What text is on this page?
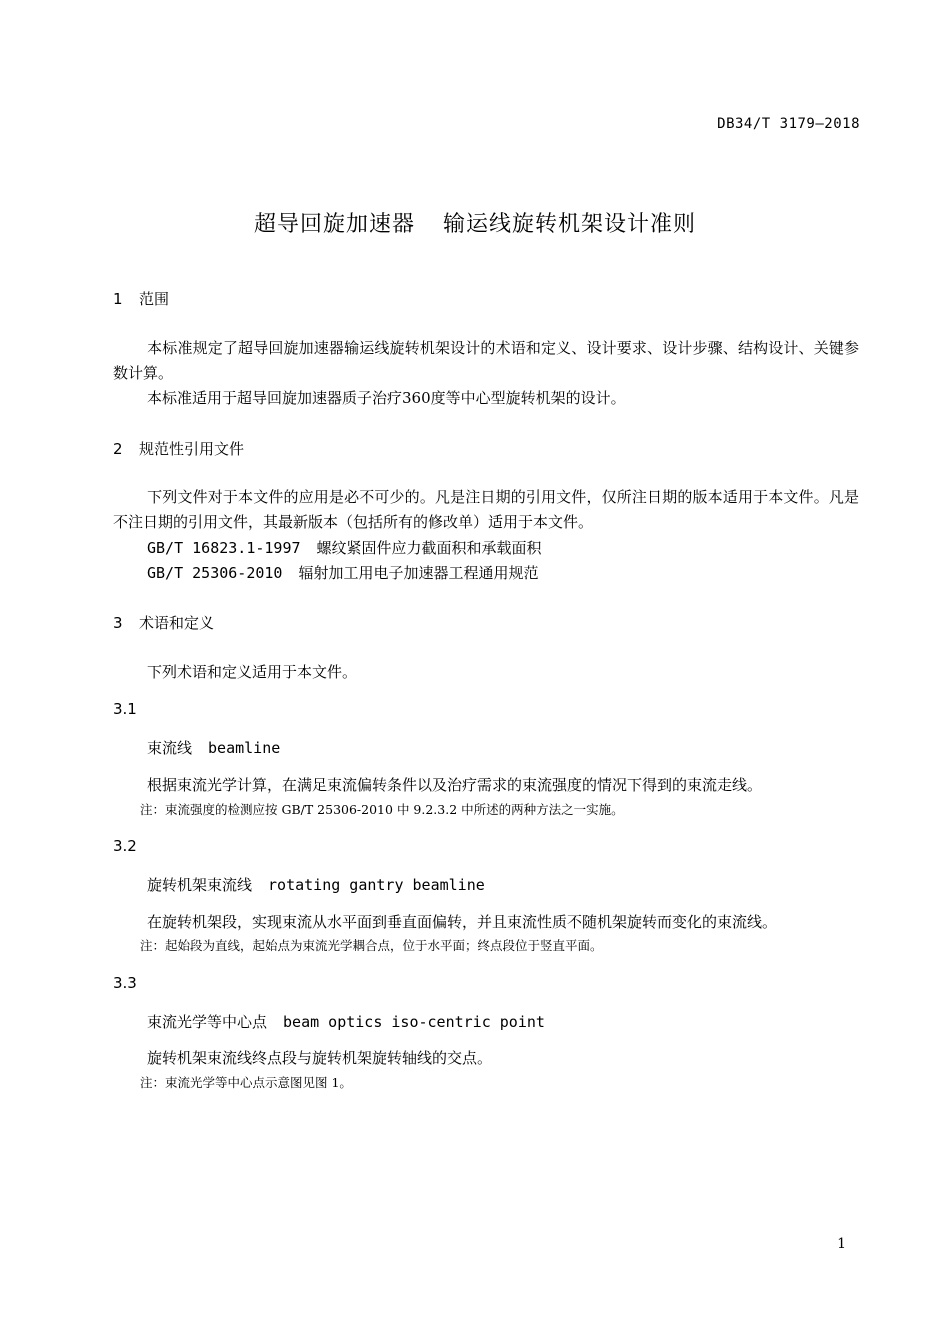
DB34/T 3179—2018
超导回旋加速器 输运线旋转机架设计准则
1 范围
本标准规定了超导回旋加速器输运线旋转机架设计的术语和定义、设计要求、设计步骤、结构设计、关键参数计算。
本标准适用于超导回旋加速器质子治疗360度等中心型旋转机架的设计。
2 规范性引用文件
下列文件对于本文件的应用是必不可少的。凡是注日期的引用文件，仅所注日期的版本适用于本文件。凡是不注日期的引用文件，其最新版本（包括所有的修改单）适用于本文件。
GB/T 16823.1-1997 螺纹紧固件应力截面积和承载面积
GB/T 25306-2010 辐射加工用电子加速器工程通用规范
3 术语和定义
下列术语和定义适用于本文件。
3.1
束流线 beamline
根据束流光学计算，在满足束流偏转条件以及治疗需求的束流强度的情况下得到的束流走线。
注：束流强度的检测应按 GB/T 25306-2010 中 9.2.3.2 中所述的两种方法之一实施。
3.2
旋转机架束流线 rotating gantry beamline
在旋转机架段，实现束流从水平面到垂直面偏转，并且束流性质不随机架旋转而变化的束流线。
注：起始段为直线，起始点为束流光学耦合点，位于水平面；终点段位于竖直平面。
3.3
束流光学等中心点 beam optics iso-centric point
旋转机架束流线终点段与旋转机架旋转轴线的交点。
注：束流光学等中心点示意图见图 1。
1
